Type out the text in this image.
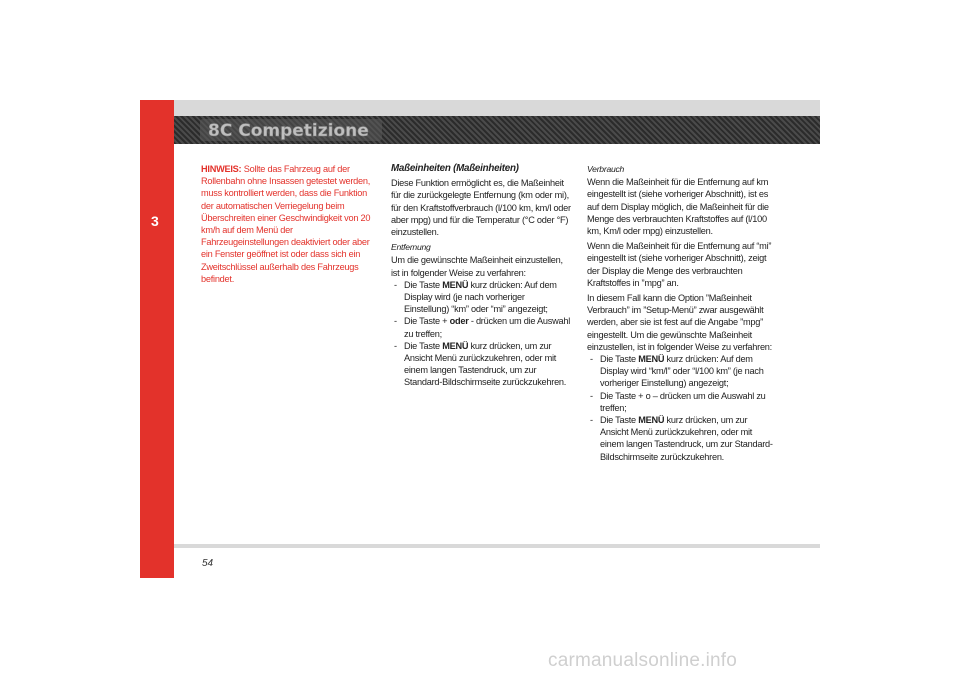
3
8C Competizione

HINWEIS: Sollte das Fahrzeug auf der Rollenbahn ohne Insassen getestet werden, muss kontrolliert werden, dass die Funktion der automatischen Verriegelung beim Überschreiten einer Geschwindigkeit von 20 km/h auf dem Menü der Fahrzeugeinstellungen deaktiviert oder aber ein Fenster geöffnet ist oder dass sich ein Zweitschlüssel außerhalb des Fahrzeugs befindet.

Maßeinheiten (Maßeinheiten)

Diese Funktion ermöglicht es, die Maßeinheit für die zurückgelegte Entfernung (km oder mi), für den Kraftstoffverbrauch (l/100 km, km/l oder aber mpg) und für die Temperatur (°C oder °F) einzustellen.

Entfernung

Um die gewünschte Maßeinheit einzustellen, ist in folgender Weise zu verfahren:

- Die Taste MENÜ kurz drücken: Auf dem Display wird (je nach vorheriger Einstellung) “km” oder “mi” angezeigt;
- Die Taste + oder - drücken um die Auswahl zu treffen;
- Die Taste MENÜ kurz drücken, um zur Ansicht Menü zurückzukehren, oder mit einem langen Tastendruck, um zur Standard-Bildschirmseite zurückzukehren.

Verbrauch

Wenn die Maßeinheit für die Entfernung auf km eingestellt ist (siehe vorheriger Abschnitt), ist es auf dem Display möglich, die Maßeinheit für die Menge des verbrauchten Kraftstoffes auf (l/100 km, Km/l oder mpg) einzustellen.

Wenn die Maßeinheit für die Entfernung auf “mi” eingestellt ist (siehe vorheriger Abschnitt), zeigt der Display die Menge des verbrauchten Kraftstoffes in ”mpg” an.

In diesem Fall kann die Option ”Maßeinheit Verbrauch” im ”Setup-Menü” zwar ausgewählt werden, aber sie ist fest auf die Angabe ”mpg” eingestellt. Um die gewünschte Maßeinheit einzustellen, ist in folgender Weise zu verfahren:

- Die Taste MENÜ kurz drücken: Auf dem Display wird “km/l” oder “l/100 km” (je nach vorheriger Einstellung) angezeigt;
- Die Taste + o – drücken um die Auswahl zu treffen;
- Die Taste MENÜ kurz drücken, um zur Ansicht Menü zurückzukehren, oder mit einem langen Tastendruck, um zur Standard-Bildschirmseite zurückzukehren.
54
carmanualsonline.info
